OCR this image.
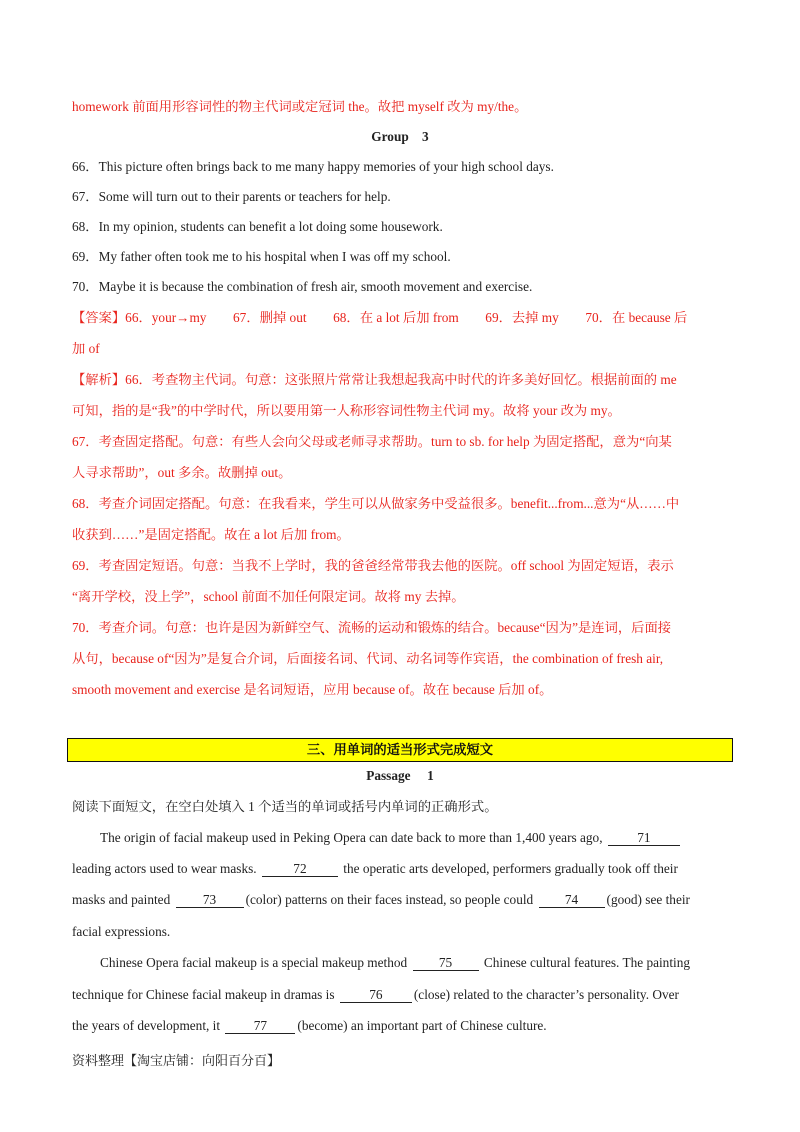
homework 前面用形容词性的物主代词或定冠词 the。故把 myself 改为 my/the。
Group　3
66．This picture often brings back to me many happy memories of your high school days.
67．Some will turn out to their parents or teachers for help.
68．In my opinion, students can benefit a lot doing some housework.
69．My father often took me to his hospital when I was off my school.
70．Maybe it is because the combination of fresh air, smooth movement and exercise.
【答案】66．your→my　　67．删掉 out　　68．在 a lot 后加 from　　69．去掉 my　　70．在 because 后
加 of
【解析】66．考查物主代词。句意：这张照片常常让我想起我高中时代的许多美好回忆。根据前面的 me
可知，指的是“我”的中学时代，所以要用第一人称形容词性物主代词 my。故将 your 改为 my。
67．考查固定搭配。句意：有些人会向父母或老师寻求帮助。turn to sb. for help 为固定搭配，意为“向某
人寻求帮助”，out 多余。故删掉 out。
68．考查介词固定搭配。句意：在我看来，学生可以从做家务中受益很多。benefit...from...意为“从……中
收获到……”是固定搭配。故在 a lot 后加 from。
69．考查固定短语。句意：当我不上学时，我的爸爸经常带我去他的医院。off school 为固定短语，表示
“离开学校，没上学”，school 前面不加任何限定词。故将 my 去掉。
70．考查介词。句意：也许是因为新鲜空气、流畅的运动和锻炼的结合。because“因为”是连词，后面接
从句，because of“因为”是复合介词，后面接名词、代词、动名词等作宾语，the combination of fresh air,
smooth movement and exercise 是名词短语，应用 because of。故在 because 后加 of。
三、用单词的适当形式完成短文
Passage　 1
阅读下面短文，在空白处填入 1 个适当的单词或括号内单词的正确形式。
The origin of facial makeup used in Peking Opera can date back to more than 1,400 years ago,	71
leading actors used to wear masks.	72	the operatic arts developed, performers gradually took off their
masks and painted 73 (color) patterns on their faces instead, so people could 74 (good) see their
facial expressions.
Chinese Opera facial makeup is a special makeup method 75 Chinese cultural features. The painting
technique for Chinese facial makeup in dramas is	76 (close) related to the character’s personality. Over
the years of development, it	77 (become) an important part of Chinese culture.
资料整理【淘宝店铺：向阳百分百】
